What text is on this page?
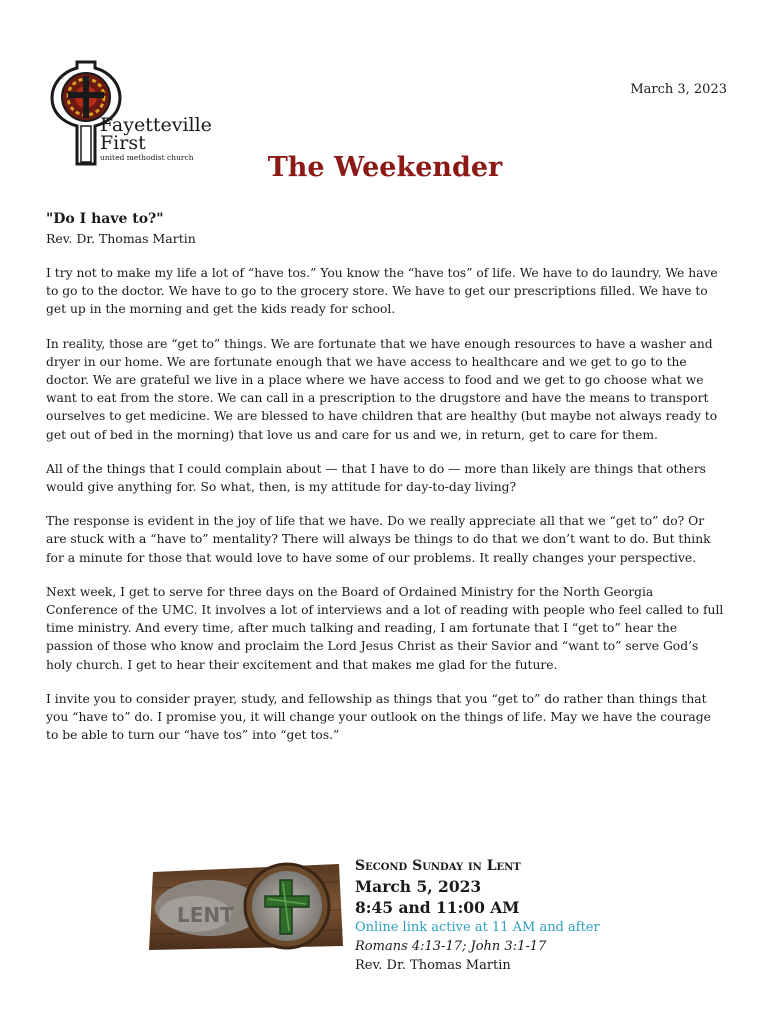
Fayetteville
First
united methodist church
March 3, 2023
The Weekender

"Do I have to?"

Rev. Dr. Thomas Martin

I try not to make my life a lot of “have tos.” You know the “have tos” of life. We have to do laundry. We have to go to the doctor. We have to go to the grocery store. We have to get our prescriptions filled. We have to get up in the morning and get the kids ready for school.

In reality, those are “get to” things. We are fortunate that we have enough resources to have a washer and dryer in our home. We are fortunate enough that we have access to healthcare and we get to go to the doctor. We are grateful we live in a place where we have access to food and we get to go choose what we want to eat from the store. We can call in a prescription to the drugstore and have the means to transport ourselves to get medicine. We are blessed to have children that are healthy (but maybe not always ready to get out of bed in the morning) that love us and care for us and we, in return, get to care for them.

All of the things that I could complain about — that I have to do — more than likely are things that others would give anything for. So what, then, is my attitude for day-to-day living?

The response is evident in the joy of life that we have. Do we really appreciate all that we “get to” do? Or are stuck with a “have to” mentality? There will always be things to do that we don’t want to do. But think for a minute for those that would love to have some of our problems. It really changes your perspective.

Next week, I get to serve for three days on the Board of Ordained Ministry for the North Georgia Conference of the UMC. It involves a lot of interviews and a lot of reading with people who feel called to full time ministry. And every time, after much talking and reading, I am fortunate that I “get to” hear the passion of those who know and proclaim the Lord Jesus Christ as their Savior and “want to” serve God’s holy church. I get to hear their excitement and that makes me glad for the future.

I invite you to consider prayer, study, and fellowship as things that you “get to” do rather than things that you “have to” do. I promise you, it will change your outlook on the things of life. May we have the courage to be able to turn our “have tos” into “get tos.”

LENT

Second Sunday in Lent

March 5, 2023

8:45 and 11:00 AM

Online link active at 11 AM and after

Romans 4:13-17; John 3:1-17

Rev. Dr. Thomas Martin
